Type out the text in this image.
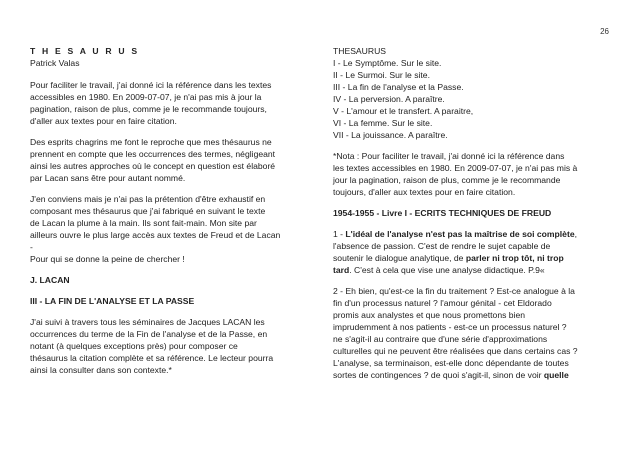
26
T H E S A U R U S
Patrick Valas

Pour faciliter le travail, j'ai donné ici la référence dans les textes
accessibles en 1980. En 2009-07-07, je n'ai pas mis à jour la
pagination, raison de plus, comme je le recommande toujours,
d'aller aux textes pour en faire citation.

Des esprits chagrins me font le reproche que mes thésaurus ne
prennent en compte que les occurrences des termes, négligeant
ainsi les autres approches où le concept en question est élaboré
par Lacan sans être pour autant nommé.

J'en conviens mais je n'ai pas la prétention d'être exhaustif en
composant mes thésaurus que j'ai fabriqué en suivant le texte
de Lacan la plume à la main. Ils sont fait-main. Mon site par
ailleurs ouvre le plus large accès aux textes de Freud et de Lacan
-
Pour qui se donne la peine de chercher !

J. LACAN

III - LA FIN DE L'ANALYSE ET LA PASSE

J'ai suivi à travers tous les séminaires de Jacques LACAN les
occurrences du terme de la Fin de l'analyse et de la Passe, en
notant (à quelques exceptions près) pour composer ce
thésaurus la citation complète et sa référence. Le lecteur pourra
ainsi la consulter dans son contexte.*

THESAURUS
I - Le Symptôme. Sur le site.
II - Le Surmoi. Sur le site.
III - La fin de l'analyse et la Passe.
IV - La perversion. A paraître.
V - L'amour et le transfert. A paraitre,
VI - La femme. Sur le site.
VII - La jouissance. A paraître.

*Nota : Pour faciliter le travail, j'ai donné ici la référence dans
les textes accessibles en 1980. En 2009-07-07, je n'ai pas mis à
jour la pagination, raison de plus, comme je le recommande
toujours, d'aller aux textes pour en faire citation.

1954-1955 - Livre I - ECRITS TECHNIQUES DE FREUD

1 - L'idéal de l'analyse n'est pas la maîtrise de soi complète,
l'absence de passion. C'est de rendre le sujet capable de
soutenir le dialogue analytique, de parler ni trop tôt, ni trop
tard. C'est à cela que vise une analyse didactique. P.9«

2 - Eh bien, qu'est-ce la fin du traitement ? Est-ce analogue à la
fin d'un processus naturel ? l'amour génital - cet Eldorado
promis aux analystes et que nous promettons bien
imprudemment à nos patients - est-ce un processus naturel ?
ne s'agit-il au contraire que d'une série d'approximations
culturelles qui ne peuvent être réalisées que dans certains cas ?
L'analyse, sa terminaison, est-elle donc dépendante de toutes
sortes de contingences ? de quoi s'agit-il, sinon de voir quelle
